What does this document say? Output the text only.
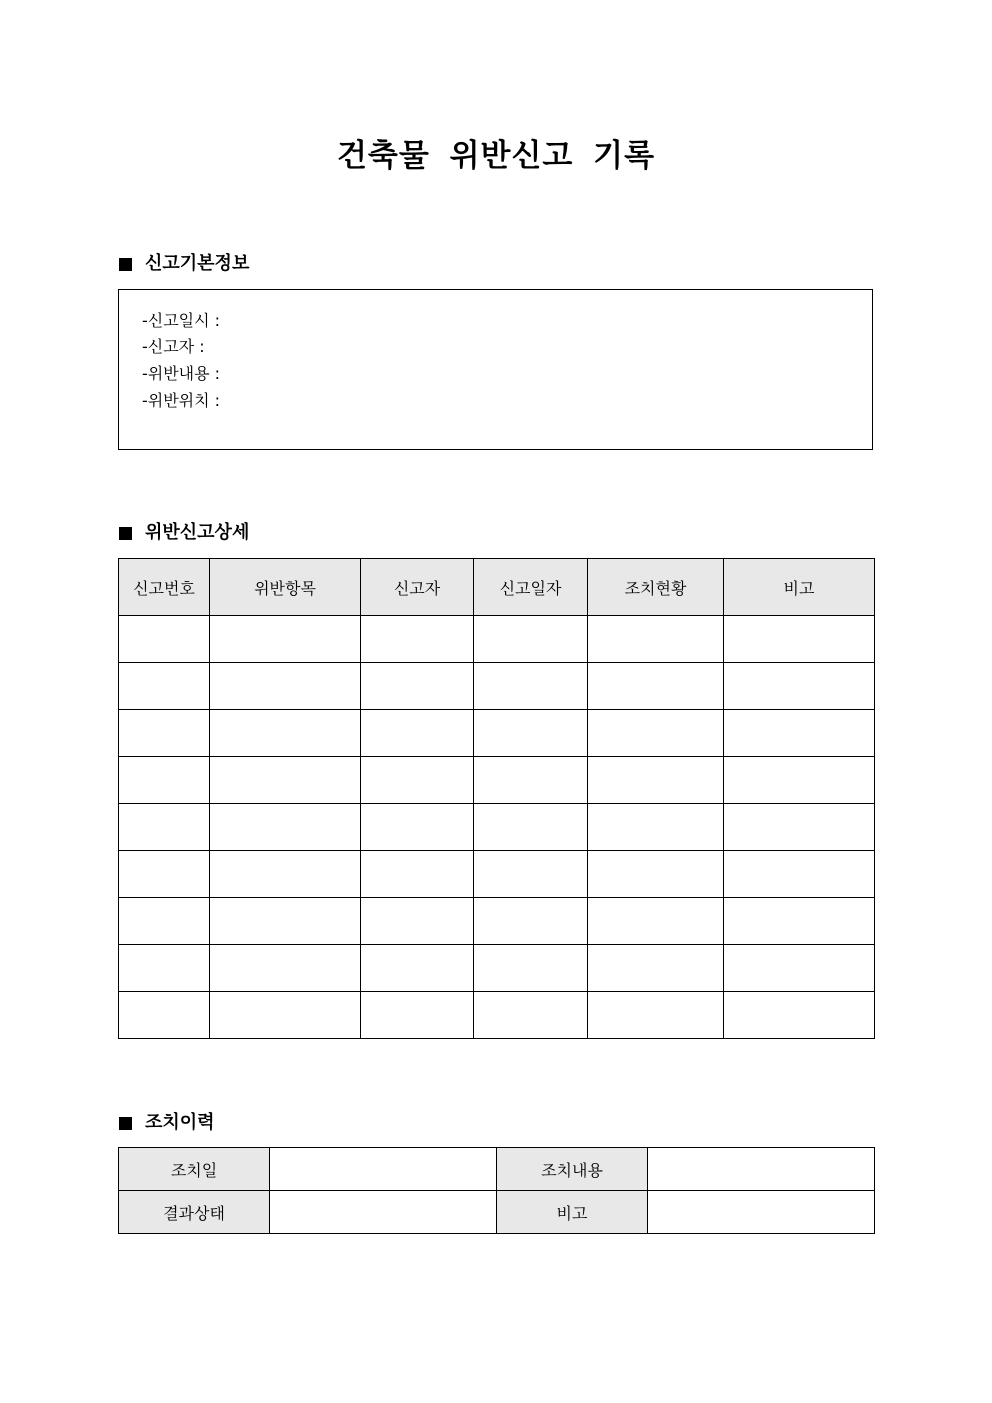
건축물 위반신고 기록
신고기본정보
-신고일시 :
-신고자 :
-위반내용 :
-위반위치 :
위반신고상세
신고번호	위반항목	신고자	신고일자	조치현황	비고

조치이력
조치일		조치내용	
결과상태		비고	
